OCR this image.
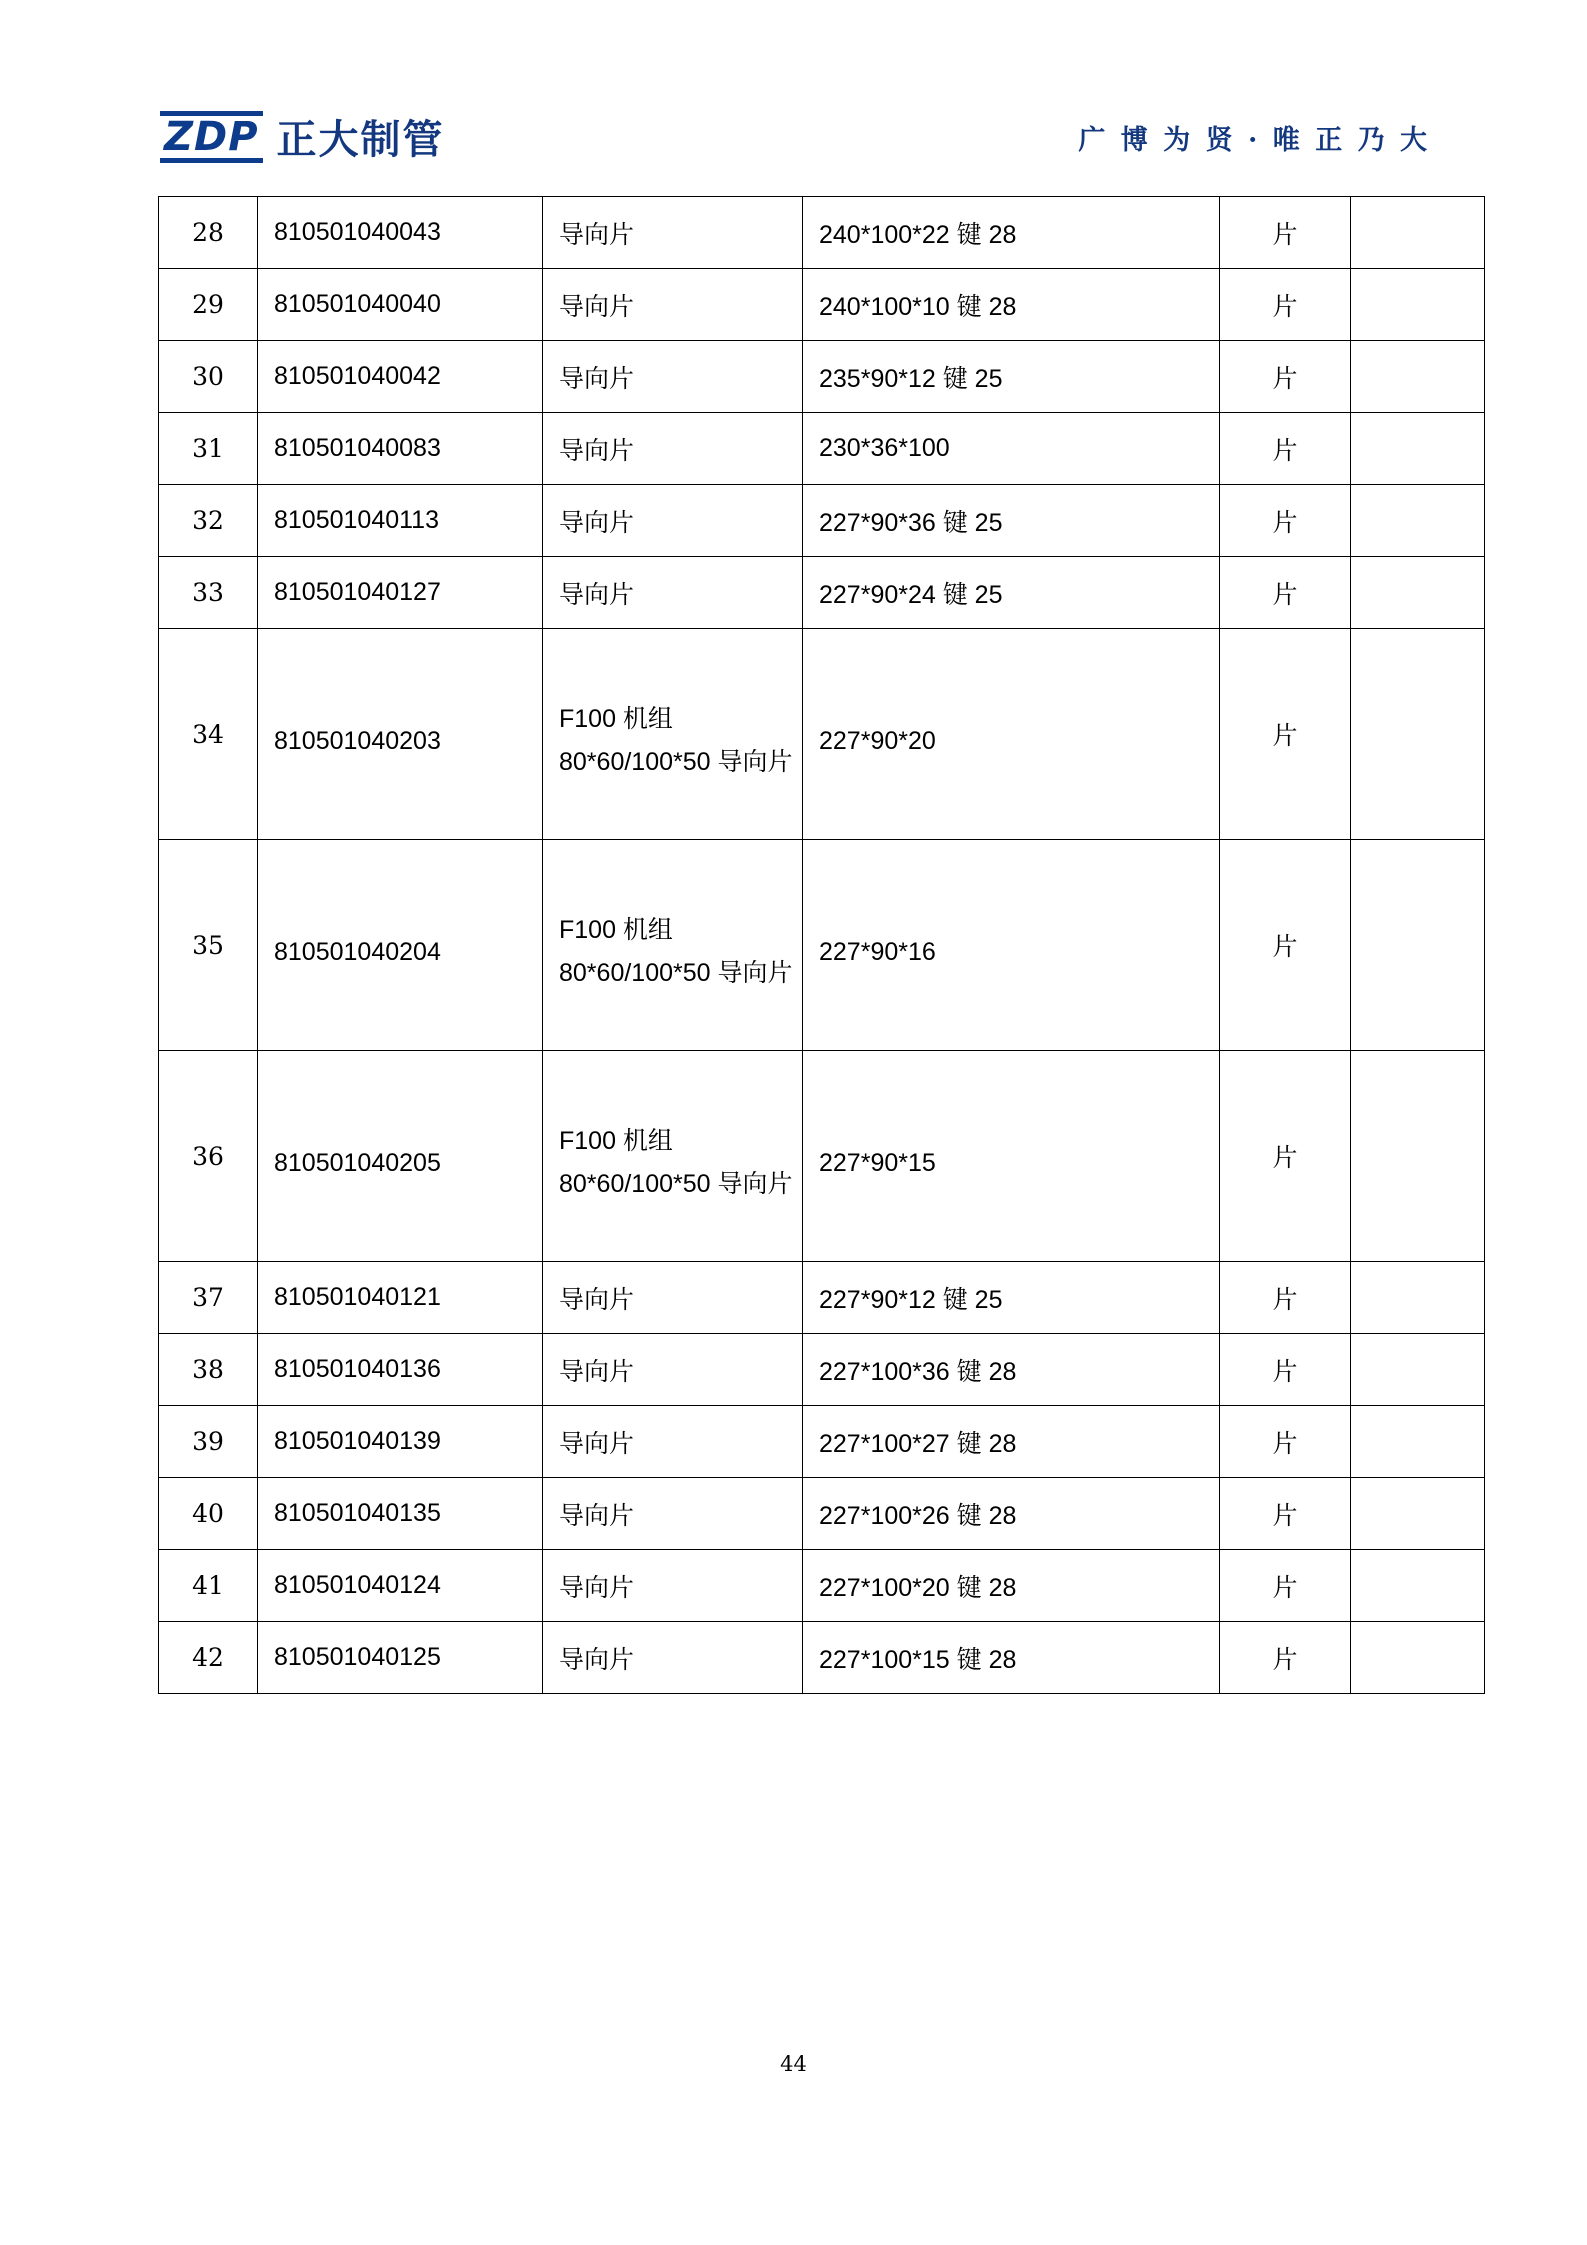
ZDP 正大制管	广 博 为 贤 · 唯 正 乃 大
28	810501040043	导向片	240*100*22 键 28	片	
29	810501040040	导向片	240*100*10 键 28	片	
30	810501040042	导向片	235*90*12 键 25	片	
31	810501040083	导向片	230*36*100	片	
32	810501040113	导向片	227*90*36 键 25	片	
33	810501040127	导向片	227*90*24 键 25	片	
34	810501040203	F100 机组 80*60/100*50 导向片	227*90*20	片	
35	810501040204	F100 机组 80*60/100*50 导向片	227*90*16	片	
36	810501040205	F100 机组 80*60/100*50 导向片	227*90*15	片	
37	810501040121	导向片	227*90*12 键 25	片	
38	810501040136	导向片	227*100*36 键 28	片	
39	810501040139	导向片	227*100*27 键 28	片	
40	810501040135	导向片	227*100*26 键 28	片	
41	810501040124	导向片	227*100*20 键 28	片	
42	810501040125	导向片	227*100*15 键 28	片	
44
